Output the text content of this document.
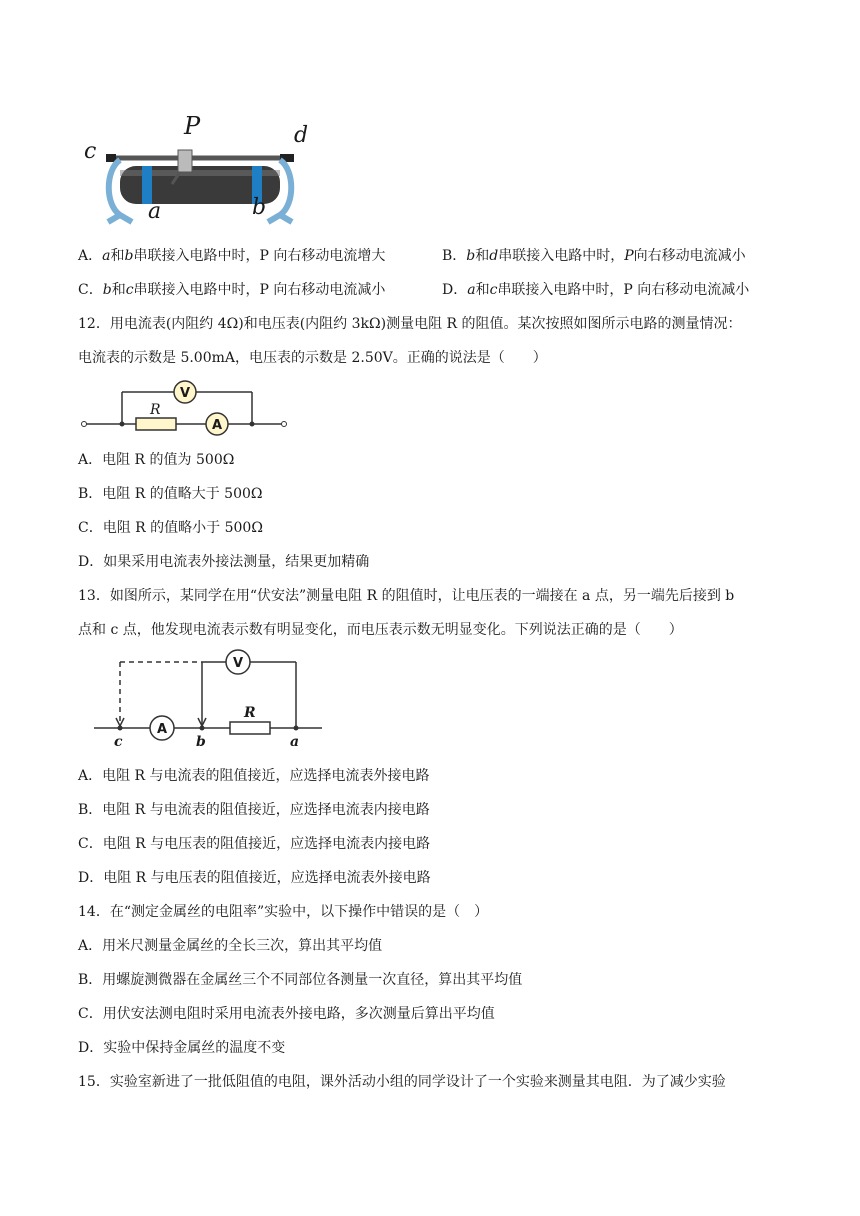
c
P	d
a	b
A．a和b串联接入电路中时，P 向右移动电流增大	B．b和d串联接入电路中时，P向右移动电流减小
C．b和c串联接入电路中时，P 向右移动电流减小	D．a和c串联接入电路中时，P 向右移动电流减小
12．用电流表(内阻约 4Ω)和电压表(内阻约 3kΩ)测量电阻 R 的阻值。某次按照如图所示电路的测量情况：
电流表的示数是 5.00mA，电压表的示数是 2.50V。正确的说法是（　　）
V
A
R
A．电阻 R 的值为 500Ω
B．电阻 R 的值略大于 500Ω
C．电阻 R 的值略小于 500Ω
D．如果采用电流表外接法测量，结果更加精确
13．如图所示，某同学在用“伏安法”测量电阻 R 的阻值时，让电压表的一端接在 a 点，另一端先后接到 b
点和 c 点，他发现电流表示数有明显变化，而电压表示数无明显变化。下列说法正确的是（　　）
V
A
R
c	b	a
A．电阻 R 与电流表的阻值接近，应选择电流表外接电路
B．电阻 R 与电流表的阻值接近，应选择电流表内接电路
C．电阻 R 与电压表的阻值接近，应选择电流表内接电路
D．电阻 R 与电压表的阻值接近，应选择电流表外接电路
14．在“测定金属丝的电阻率”实验中，以下操作中错误的是（　）
A．用米尺测量金属丝的全长三次，算出其平均值
B．用螺旋测微器在金属丝三个不同部位各测量一次直径，算出其平均值
C．用伏安法测电阻时采用电流表外接电路，多次测量后算出平均值
D．实验中保持金属丝的温度不变
15．实验室新进了一批低阻值的电阻，课外活动小组的同学设计了一个实验来测量其电阻．为了减少实验
